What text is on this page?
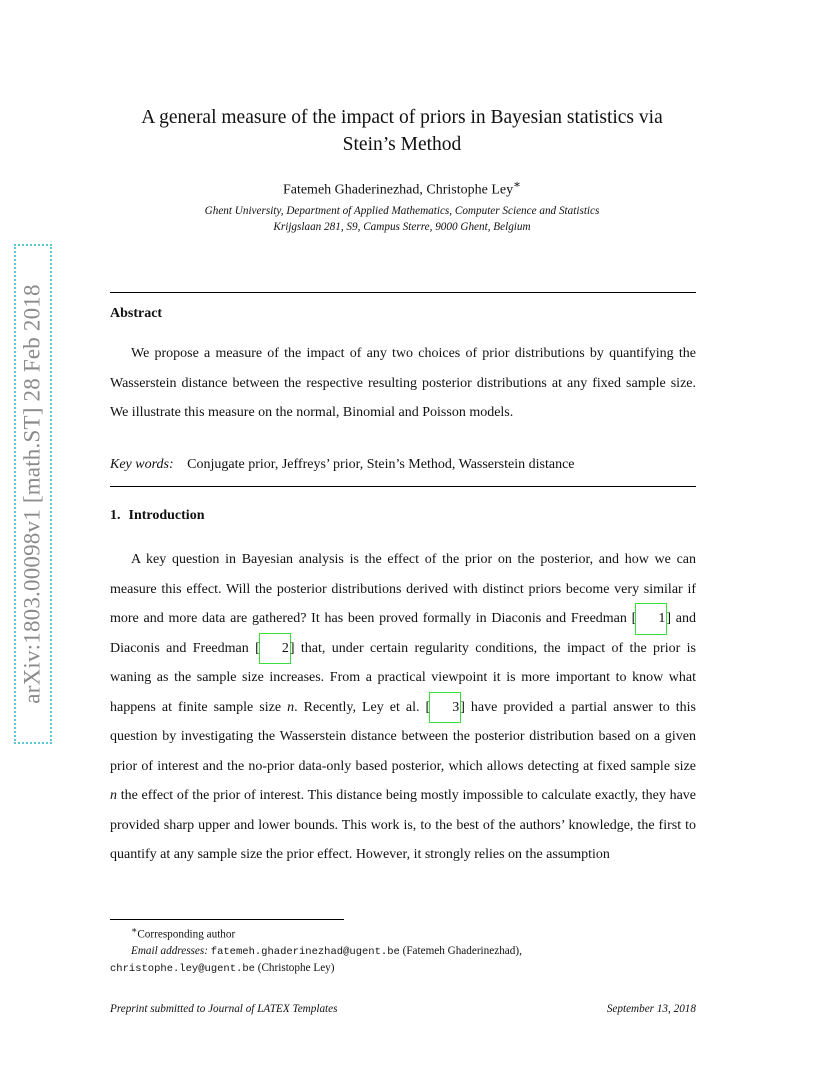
arXiv:1803.00098v1 [math.ST] 28 Feb 2018
A general measure of the impact of priors in Bayesian statistics via
Stein’s Method
Fatemeh Ghaderinezhad, Christophe Ley∗
Ghent University, Department of Applied Mathematics, Computer Science and Statistics
Krijgslaan 281, S9, Campus Sterre, 9000 Ghent, Belgium
Abstract

We propose a measure of the impact of any two choices of prior distributions by quantifying the Wasserstein distance between the respective resulting posterior distributions at any fixed sample size. We illustrate this measure on the normal, Binomial and Poisson models.

Key words: Conjugate prior, Jeffreys’ prior, Stein’s Method, Wasserstein distance
1. Introduction

A key question in Bayesian analysis is the effect of the prior on the posterior, and how we can measure this effect. Will the posterior distributions derived with distinct priors become very similar if more and more data are gathered? It has been proved formally in Diaconis and Freedman [ 1] and Diaconis and Freedman [ 2] that, under certain regularity conditions, the impact of the prior is waning as the sample size increases. From a practical viewpoint it is more important to know what happens at finite sample size n. Recently, Ley et al. [ 3] have provided a partial answer to this question by investigating the Wasserstein distance between the posterior distribution based on a given prior of interest and the no-prior data-only based posterior, which allows detecting at fixed sample size n the effect of the prior of interest. This distance being mostly impossible to calculate exactly, they have provided sharp upper and lower bounds. This work is, to the best of the authors’ knowledge, the first to quantify at any sample size the prior effect. However, it strongly relies on the assumption

∗Corresponding author
Email addresses: fatemeh.ghaderinezhad@ugent.be (Fatemeh Ghaderinezhad),
christophe.ley@ugent.be (Christophe Ley)
Preprint submitted to Journal of LATEX Templates	September 13, 2018
